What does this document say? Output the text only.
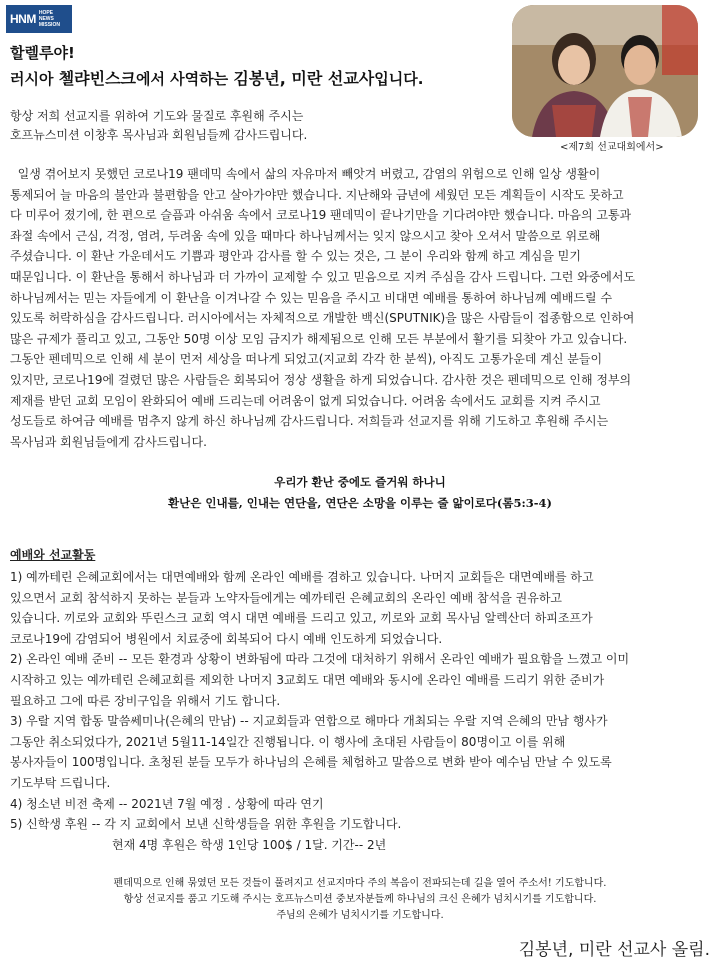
HNM HOPE
NEWS
MISSION
할렐루야!
러시아 첼랴빈스크에서 사역하는 김봉년, 미란 선교사입니다.
항상 저희 선교지를 위하여 기도와 물질로 후원해 주시는
호프뉴스미션 이창후 목사님과 회원님들께 감사드립니다.
<제7회 선교대회에서>
일생 겪어보지 못했던 코로나19 팬데믹 속에서 삶의 자유마저 빼앗겨 버렸고, 감염의 위험으로 인해 일상 생활이
통제되어 늘 마음의 불안과 불편함을 안고 살아가야만 했습니다. 지난해와 금년에 세웠던 모든 계획들이 시작도 못하고
다 미루어 졌기에, 한 편으로 슬픔과 아쉬움 속에서 코로나19 팬데믹이 끝나기만을 기다려야만 했습니다. 마음의 고통과
좌절 속에서 근심, 걱정, 염려, 두려움 속에 있을 때마다 하나님께서는 잊지 않으시고 찾아 오셔서 말씀으로 위로해
주셨습니다. 이 환난 가운데서도 기쁨과 평안과 감사를 할 수 있는 것은, 그 분이 우리와 함께 하고 계심을 믿기
때문입니다. 이 환난을 통해서 하나님과 더 가까이 교제할 수 있고 믿음으로 지켜 주심을 감사 드립니다. 그런 와중에서도
하나님께서는 믿는 자들에게 이 환난을 이겨나갈 수 있는 믿음을 주시고 비대면 예배를 통하여 하나님께 예배드릴 수
있도록 허락하심을 감사드립니다. 러시아에서는 자체적으로 개발한 백신(SPUTNIK)을 많은 사람들이 접종함으로 인하여
많은 규제가 풀리고 있고, 그동안 50명 이상 모임 금지가 해제됨으로 인해 모든 부분에서 활기를 되찾아 가고 있습니다.
그동안 펜데믹으로 인해 세 분이 먼저 세상을 떠나게 되었고(지교회 각각 한 분씩), 아직도 고통가운데 계신 분들이
있지만, 코로나19에 걸렸던 많은 사람들은 회복되어 정상 생활을 하게 되었습니다. 감사한 것은 펜데믹으로 인해 정부의
제재를 받던 교회 모임이 완화되어 예배 드리는데 어려움이 없게 되었습니다. 어려움 속에서도 교회를 지켜 주시고
성도들로 하여금 예배를 멈추지 않게 하신 하나님께 감사드립니다. 저희들과 선교지를 위해 기도하고 후원해 주시는
목사님과 회원님들에게 감사드립니다.
우리가 환난 중에도 즐거워 하나니
환난은 인내를, 인내는 연단을, 연단은 소망을 이루는 줄 앎이로다(롬5:3-4)
예배와 선교활동
1) 예까테린 은혜교회에서는 대면예배와 함께 온라인 예배를 겸하고 있습니다. 나머지 교회들은 대면예배를 하고
있으면서 교회 참석하지 못하는 분들과 노약자들에게는 예까테린 은혜교회의 온라인 예배 참석을 권유하고
있습니다. 끼로와 교회와 뚜린스크 교회 역시 대면 예배를 드리고 있고, 끼로와 교회 목사님 알렉산더 하피조프가
코로나19에 감염되어 병원에서 치료중에 회복되어 다시 예배 인도하게 되었습니다.
2) 온라인 예배 준비 -- 모든 환경과 상황이 변화됨에 따라 그것에 대처하기 위해서 온라인 예배가 필요함을 느꼈고 이미
시작하고 있는 예까테린 은혜교회를 제외한 나머지 3교회도 대면 예배와 동시에 온라인 예배를 드리기 위한 준비가
필요하고 그에 따른 장비구입을 위해서 기도 합니다.
3) 우랄 지역 합동 말씀쎄미나(은혜의 만남) -- 지교회들과 연합으로 해마다 개최되는 우랄 지역 은혜의 만남 행사가
그동안 취소되었다가, 2021년 5월11-14일간 진행됩니다. 이 행사에 초대된 사람들이 80명이고 이를 위해
봉사자들이 100명입니다. 초청된 분들 모두가 하나님의 은혜를 체험하고 말씀으로 변화 받아 예수님 만날 수 있도록
기도부탁 드립니다.
4) 청소년 비전 축제 -- 2021년 7월 예정 . 상황에 따라 연기
5) 신학생 후원 -- 각 지 교회에서 보낸 신학생들을 위한 후원을 기도합니다.
현재 4명 후원은 학생 1인당 100$ / 1달. 기간-- 2년
펜데믹으로 인해 묶였던 모든 것들이 풀려지고 선교지마다 주의 복음이 전파되는데 길을 열어 주소서! 기도합니다.
항상 선교지를 품고 기도해 주시는 호프뉴스미션 중보자분들께 하나님의 크신 은혜가 넘치시기를 기도합니다.
주님의 은혜가 넘치시기를 기도합니다.
김봉년, 미란 선교사 올림.
